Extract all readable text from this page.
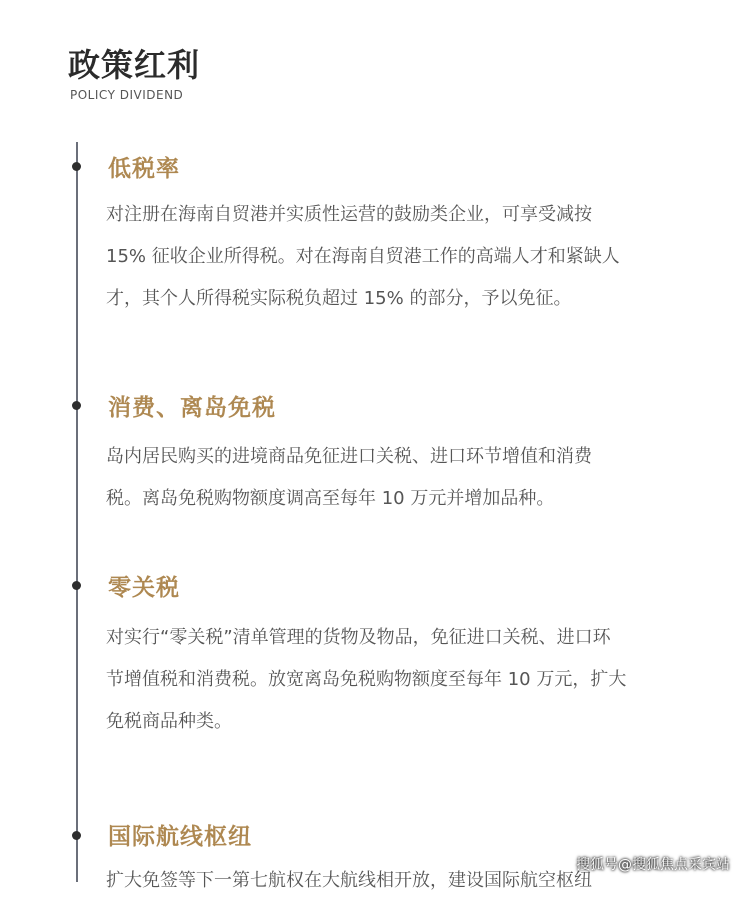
政策红利
POLICY DIVIDEND
低税率
对注册在海南自贸港并实质性运营的鼓励类企业，可享受减按
15% 征收企业所得税。对在海南自贸港工作的高端人才和紧缺人
才，其个人所得税实际税负超过 15% 的部分，予以免征。
消费、离岛免税
岛内居民购买的进境商品免征进口关税、进口环节增值和消费
税。离岛免税购物额度调高至每年 10 万元并增加品种。
零关税
对实行“零关税”清单管理的货物及物品，免征进口关税、进口环
节增值税和消费税。放宽离岛免税购物额度至每年 10 万元，扩大
免税商品种类。
国际航线枢纽
扩大免签等下一第七航权在大航线相开放，建设国际航空枢纽
搜狐号@搜狐焦点采宾站
